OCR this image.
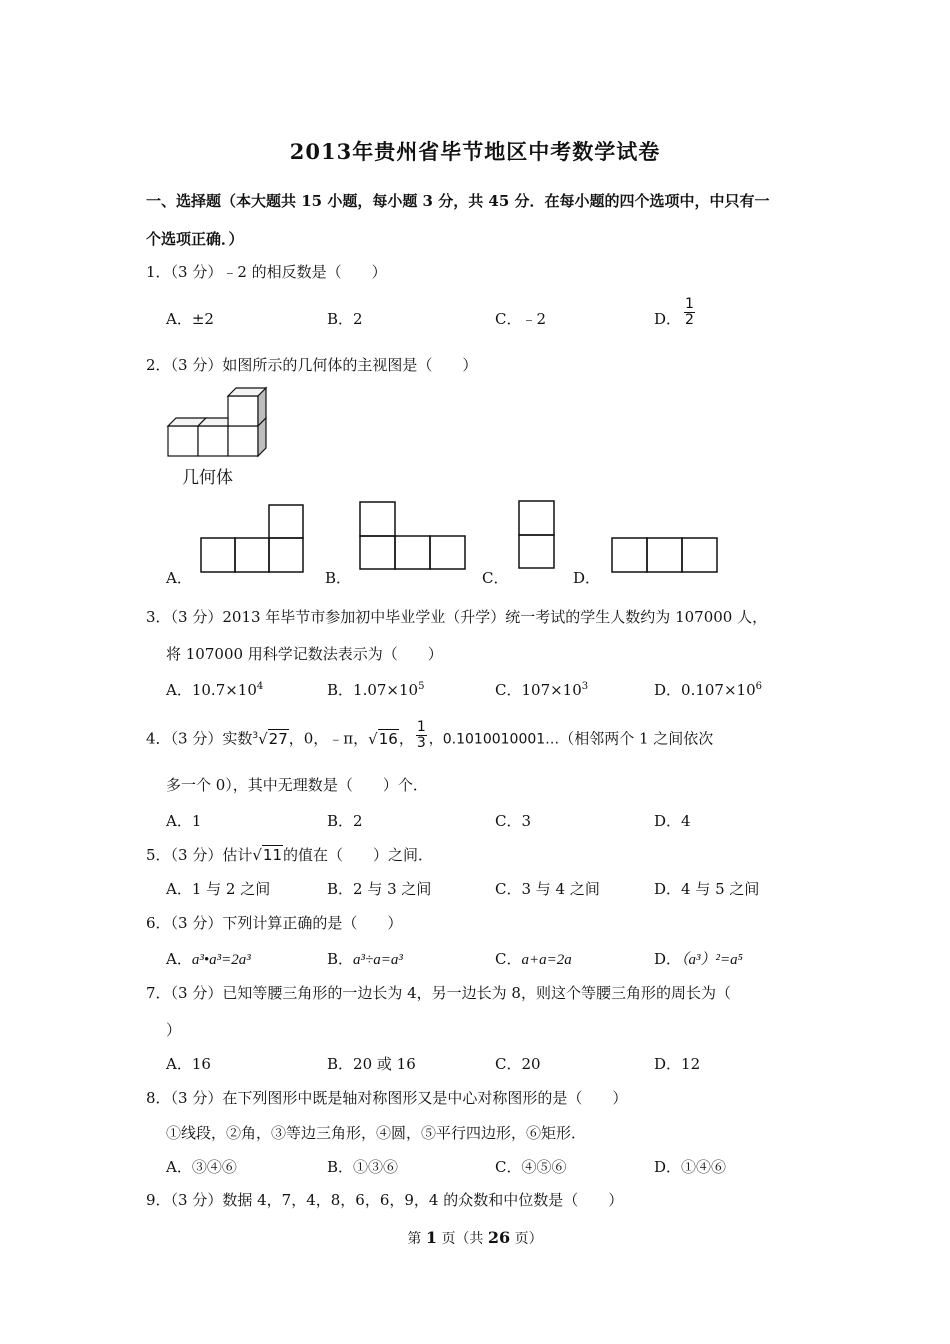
2013年贵州省毕节地区中考数学试卷
一、选择题（本大题共 15 小题，每小题 3 分，共 45 分．在每小题的四个选项中，中只有一
个选项正确．）
1．（3 分）﹣2 的相反数是（　　）
A．±2	B．2	C．﹣2	D． $\frac{1}{2}$
2．（3 分）如图所示的几何体的主视图是（　　）
几何体
A．	B．	C．	D．
3．（3 分）2013 年毕节市参加初中毕业学业（升学）统一考试的学生人数约为 107000 人，
将 107000 用科学记数法表示为（　　）
A．$10.7\times 10^4$	B．$1.07\times 10^5$	C．$107\times 10^3$	D．$0.107\times 10^6$
4．（3 分）实数$^3$√27，0，﹣π，√16， $\frac{1}{3}$ ，0.1010010001…（相邻两个 1 之间依次
多一个 0），其中无理数是（　　）个．
A．1	B．2	C．3	D．4
5．（3 分）估计√11的值在（　　）之间．
A．1 与 2 之间	B．2 与 3 之间	C．3 与 4 之间	D．4 与 5 之间
6．（3 分）下列计算正确的是（　　）
A．a³•a³=2a³	B．a³÷a=a³	C．a+a=2a	D．（a³）²=a⁵
7．（3 分）已知等腰三角形的一边长为 4，另一边长为 8，则这个等腰三角形的周长为（
）
A．16	B．20 或 16	C．20	D．12
8．（3 分）在下列图形中既是轴对称图形又是中心对称图形的是（　　）
①线段，②角，③等边三角形，④圆，⑤平行四边形，⑥矩形．
A．③④⑥	B．①③⑥	C．④⑤⑥	D．①④⑥
9．（3 分）数据 4，7，4，8，6，6，9，4 的众数和中位数是（　　）
第 1 页（共 26 页）
